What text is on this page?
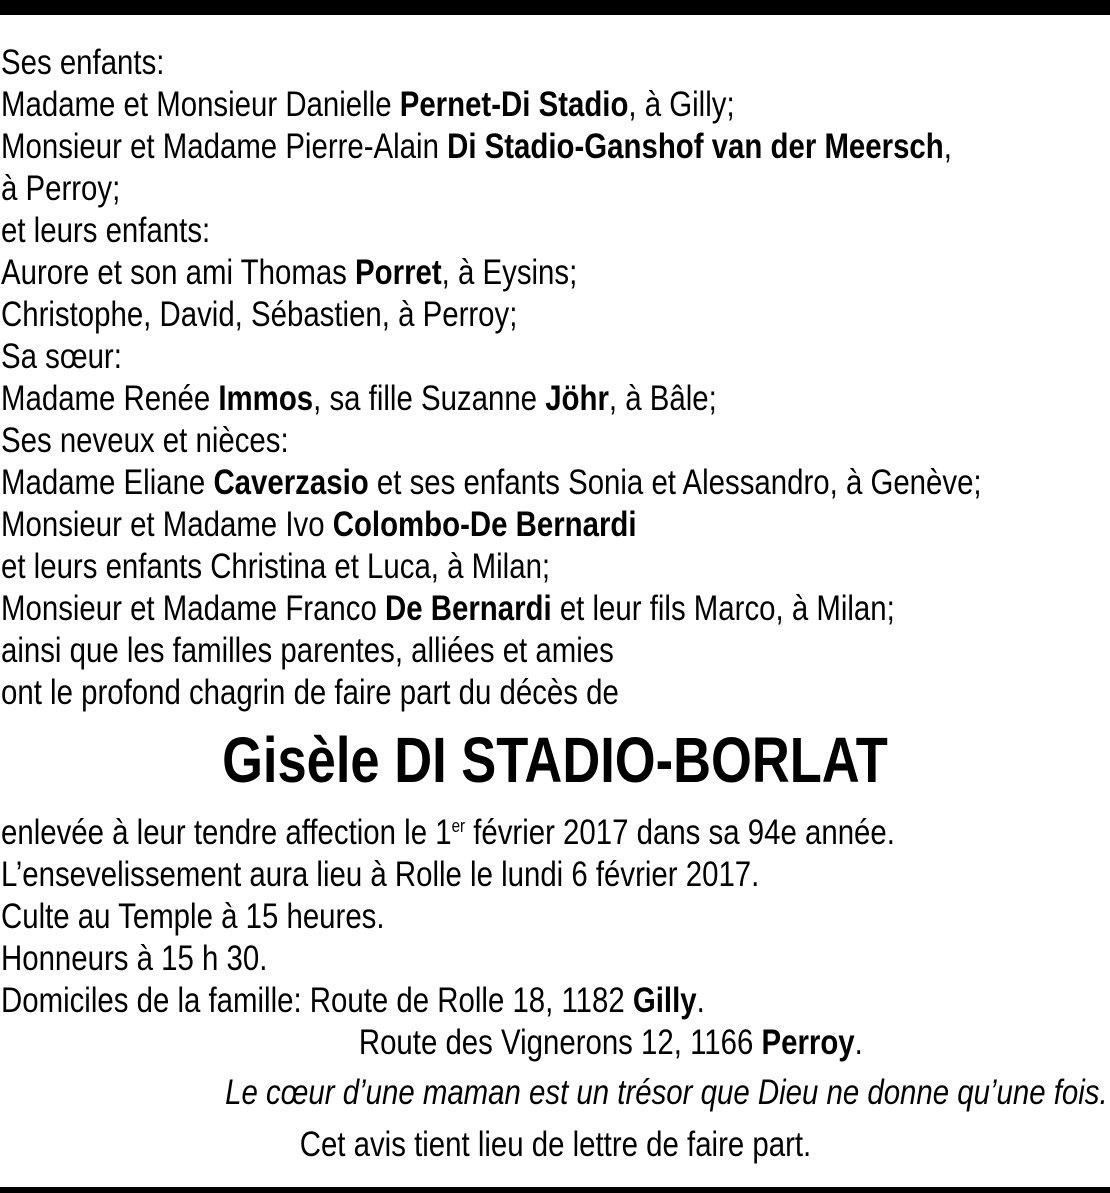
Ses enfants:
Madame et Monsieur Danielle Pernet-Di Stadio, à Gilly;
Monsieur et Madame Pierre-Alain Di Stadio-Ganshof van der Meersch,
à Perroy;
et leurs enfants:
Aurore et son ami Thomas Porret, à Eysins;
Christophe, David, Sébastien, à Perroy;
Sa sœur:
Madame Renée Immos, sa fille Suzanne Jöhr, à Bâle;
Ses neveux et nièces:
Madame Eliane Caverzasio et ses enfants Sonia et Alessandro, à Genève;
Monsieur et Madame Ivo Colombo-De Bernardi
et leurs enfants Christina et Luca, à Milan;
Monsieur et Madame Franco De Bernardi et leur fils Marco, à Milan;
ainsi que les familles parentes, alliées et amies
ont le profond chagrin de faire part du décès de
Gisèle DI STADIO-BORLAT
enlevée à leur tendre affection le 1er février 2017 dans sa 94e année.
L’ensevelissement aura lieu à Rolle le lundi 6 février 2017.
Culte au Temple à 15 heures.
Honneurs à 15 h 30.
Domiciles de la famille: Route de Rolle 18, 1182 Gilly.
Route des Vignerons 12, 1166 Perroy.
Le cœur d’une maman est un trésor que Dieu ne donne qu’une fois.
Cet avis tient lieu de lettre de faire part.
